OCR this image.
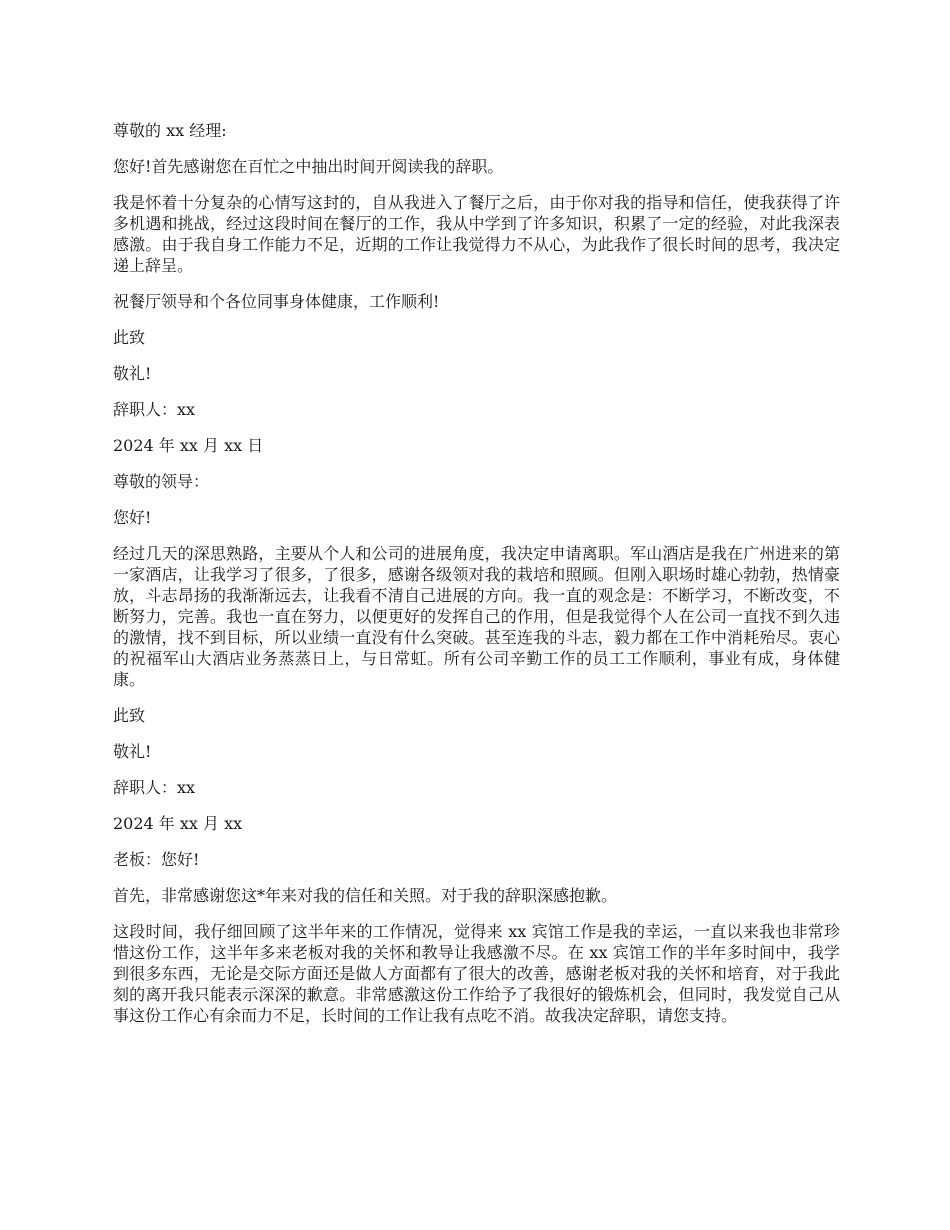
尊敬的 xx 经理:

您好!首先感谢您在百忙之中抽出时间开阅读我的辞职。

我是怀着十分复杂的心情写这封的，自从我进入了餐厅之后，由于你对我的指导和信任，使我获得了许多机遇和挑战，经过这段时间在餐厅的工作，我从中学到了许多知识，积累了一定的经验，对此我深表感激。由于我自身工作能力不足，近期的工作让我觉得力不从心，为此我作了很长时间的思考，我决定递上辞呈。

祝餐厅领导和个各位同事身体健康，工作顺利!

此致

敬礼!

辞职人：xx

2024 年 xx 月 xx 日

尊敬的领导：

您好!

经过几天的深思熟路，主要从个人和公司的进展角度，我决定申请离职。军山酒店是我在广州进来的第一家酒店，让我学习了很多，了很多，感谢各级领对我的栽培和照顾。但刚入职场时雄心勃勃，热情豪放，斗志昂扬的我渐渐远去，让我看不清自己进展的方向。我一直的观念是：不断学习，不断改变，不断努力，完善。我也一直在努力，以便更好的发挥自己的作用，但是我觉得个人在公司一直找不到久违的激情，找不到目标，所以业绩一直没有什么突破。甚至连我的斗志，毅力都在工作中消耗殆尽。衷心的祝福军山大酒店业务蒸蒸日上，与日常虹。所有公司辛勤工作的员工工作顺利，事业有成，身体健康。

此致

敬礼!

辞职人：xx

2024 年 xx 月 xx

老板：您好!

首先，非常感谢您这*年来对我的信任和关照。对于我的辞职深感抱歉。

这段时间，我仔细回顾了这半年来的工作情况，觉得来 xx 宾馆工作是我的幸运，一直以来我也非常珍惜这份工作，这半年多来老板对我的关怀和教导让我感激不尽。在 xx 宾馆工作的半年多时间中，我学到很多东西，无论是交际方面还是做人方面都有了很大的改善，感谢老板对我的关怀和培育，对于我此刻的离开我只能表示深深的歉意。非常感激这份工作给予了我很好的锻炼机会，但同时，我发觉自己从事这份工作心有余而力不足，长时间的工作让我有点吃不消。故我决定辞职，请您支持。
